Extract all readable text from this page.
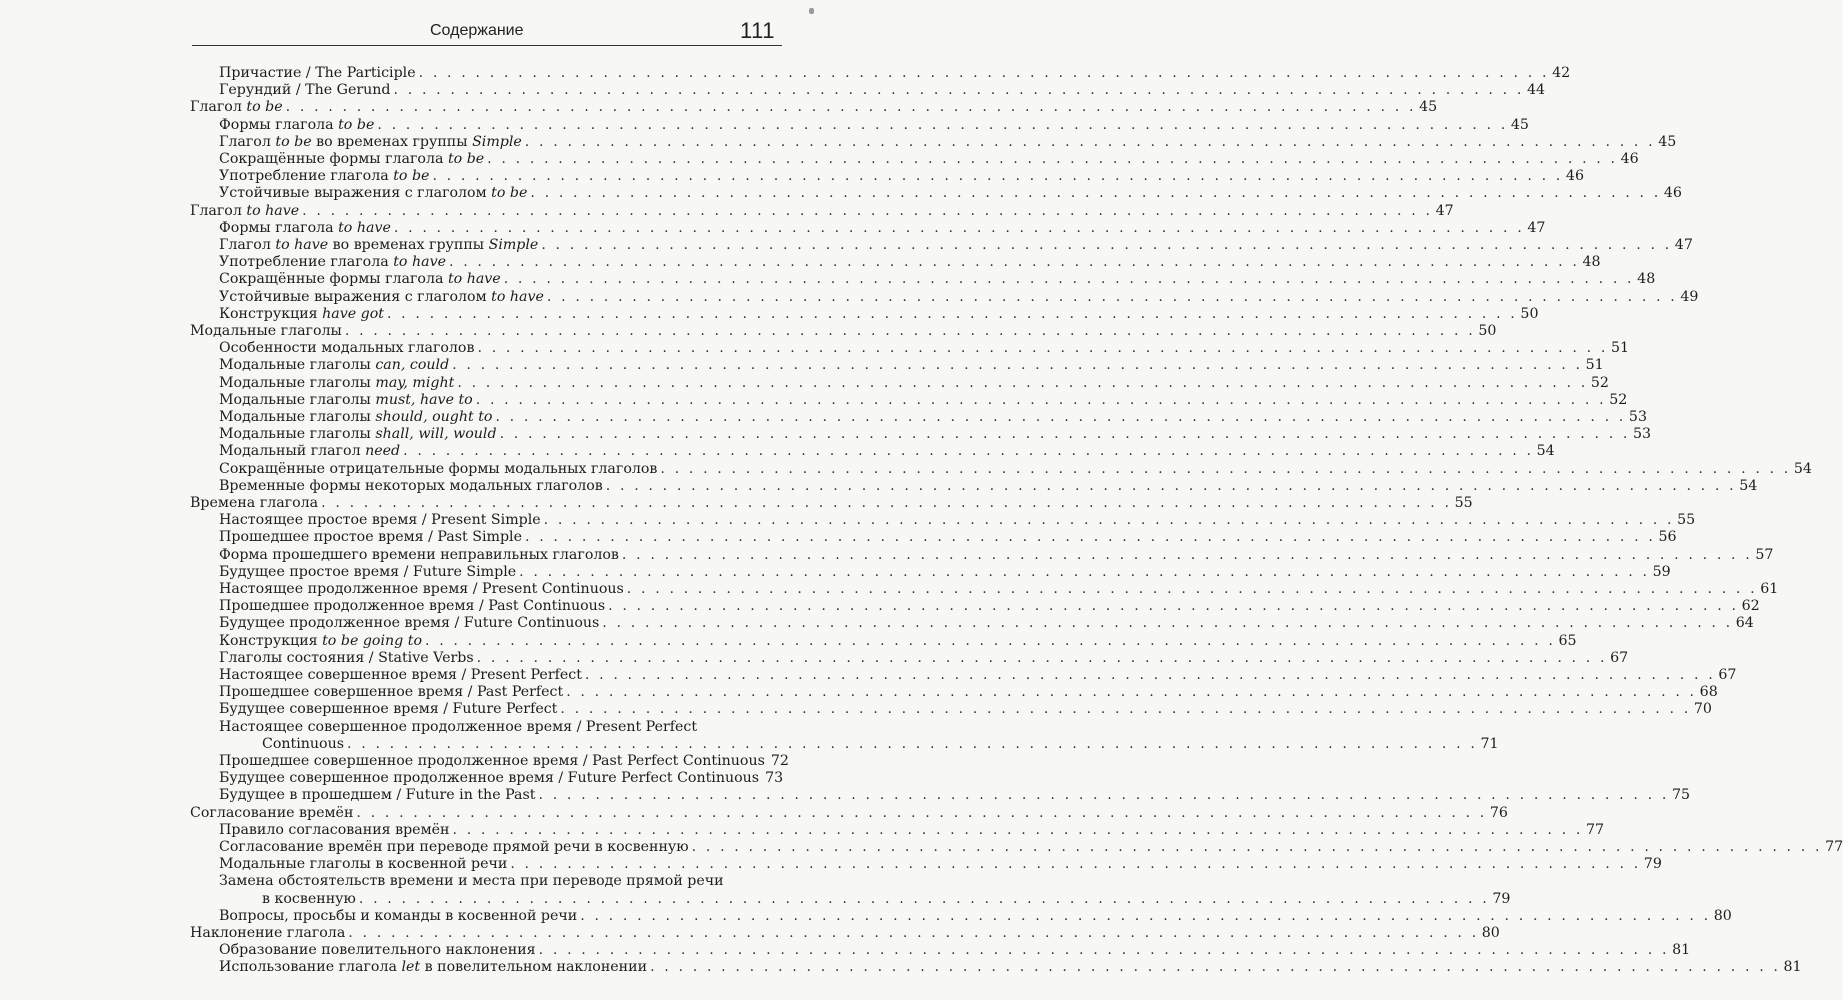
Содержание	111
Причастие / The Participle . . . . . . . . . . . . . . . . . . . . . . . . . . . . . . . . . . . . . . . . . . . . . . . . . . . . . . . . . . . . . . . . . . . . . . . . . . . . . . . . 42
Герундий / The Gerund . . . . . . . . . . . . . . . . . . . . . . . . . . . . . . . . . . . . . . . . . . . . . . . . . . . . . . . . . . . . . . . . . . . . . . . . . . . . . . . . 44
Глагол to be . . . . . . . . . . . . . . . . . . . . . . . . . . . . . . . . . . . . . . . . . . . . . . . . . . . . . . . . . . . . . . . . . . . . . . . . . . . . . . . . 45
Формы глагола to be . . . . . . . . . . . . . . . . . . . . . . . . . . . . . . . . . . . . . . . . . . . . . . . . . . . . . . . . . . . . . . . . . . . . . . . . . . . . . . . . 45
Глагол to be во временах группы Simple . . . . . . . . . . . . . . . . . . . . . . . . . . . . . . . . . . . . . . . . . . . . . . . . . . . . . . . . . . . . . . . . . . . . . . . . . . . . . . . . 45
Сокращённые формы глагола to be . . . . . . . . . . . . . . . . . . . . . . . . . . . . . . . . . . . . . . . . . . . . . . . . . . . . . . . . . . . . . . . . . . . . . . . . . . . . . . . . 46
Употребление глагола to be . . . . . . . . . . . . . . . . . . . . . . . . . . . . . . . . . . . . . . . . . . . . . . . . . . . . . . . . . . . . . . . . . . . . . . . . . . . . . . . . 46
Устойчивые выражения с глаголом to be . . . . . . . . . . . . . . . . . . . . . . . . . . . . . . . . . . . . . . . . . . . . . . . . . . . . . . . . . . . . . . . . . . . . . . . . . . . . . . . . 46
Глагол to have . . . . . . . . . . . . . . . . . . . . . . . . . . . . . . . . . . . . . . . . . . . . . . . . . . . . . . . . . . . . . . . . . . . . . . . . . . . . . . . . 47
Формы глагола to have . . . . . . . . . . . . . . . . . . . . . . . . . . . . . . . . . . . . . . . . . . . . . . . . . . . . . . . . . . . . . . . . . . . . . . . . . . . . . . . . 47
Глагол to have во временах группы Simple . . . . . . . . . . . . . . . . . . . . . . . . . . . . . . . . . . . . . . . . . . . . . . . . . . . . . . . . . . . . . . . . . . . . . . . . . . . . . . . . 47
Употребление глагола to have . . . . . . . . . . . . . . . . . . . . . . . . . . . . . . . . . . . . . . . . . . . . . . . . . . . . . . . . . . . . . . . . . . . . . . . . . . . . . . . . 48
Сокращённые формы глагола to have . . . . . . . . . . . . . . . . . . . . . . . . . . . . . . . . . . . . . . . . . . . . . . . . . . . . . . . . . . . . . . . . . . . . . . . . . . . . . . . . 48
Устойчивые выражения с глаголом to have . . . . . . . . . . . . . . . . . . . . . . . . . . . . . . . . . . . . . . . . . . . . . . . . . . . . . . . . . . . . . . . . . . . . . . . . . . . . . . . . 49
Конструкция have got . . . . . . . . . . . . . . . . . . . . . . . . . . . . . . . . . . . . . . . . . . . . . . . . . . . . . . . . . . . . . . . . . . . . . . . . . . . . . . . . 50
Модальные глаголы . . . . . . . . . . . . . . . . . . . . . . . . . . . . . . . . . . . . . . . . . . . . . . . . . . . . . . . . . . . . . . . . . . . . . . . . . . . . . . . . 50
Особенности модальных глаголов . . . . . . . . . . . . . . . . . . . . . . . . . . . . . . . . . . . . . . . . . . . . . . . . . . . . . . . . . . . . . . . . . . . . . . . . . . . . . . . . 51
Модальные глаголы can, could . . . . . . . . . . . . . . . . . . . . . . . . . . . . . . . . . . . . . . . . . . . . . . . . . . . . . . . . . . . . . . . . . . . . . . . . . . . . . . . . 51
Модальные глаголы may, might . . . . . . . . . . . . . . . . . . . . . . . . . . . . . . . . . . . . . . . . . . . . . . . . . . . . . . . . . . . . . . . . . . . . . . . . . . . . . . . . 52
Модальные глаголы must, have to . . . . . . . . . . . . . . . . . . . . . . . . . . . . . . . . . . . . . . . . . . . . . . . . . . . . . . . . . . . . . . . . . . . . . . . . . . . . . . . . 52
Модальные глаголы should, ought to . . . . . . . . . . . . . . . . . . . . . . . . . . . . . . . . . . . . . . . . . . . . . . . . . . . . . . . . . . . . . . . . . . . . . . . . . . . . . . . . 53
Модальные глаголы shall, will, would . . . . . . . . . . . . . . . . . . . . . . . . . . . . . . . . . . . . . . . . . . . . . . . . . . . . . . . . . . . . . . . . . . . . . . . . . . . . . . . . 53
Модальный глагол need . . . . . . . . . . . . . . . . . . . . . . . . . . . . . . . . . . . . . . . . . . . . . . . . . . . . . . . . . . . . . . . . . . . . . . . . . . . . . . . . 54
Сокращённые отрицательные формы модальных глаголов . . . . . . . . . . . . . . . . . . . . . . . . . . . . . . . . . . . . . . . . . . . . . . . . . . . . . . . . . . . . . . . . . . . . . . . . . . . . . . . . 54
Временные формы некоторых модальных глаголов . . . . . . . . . . . . . . . . . . . . . . . . . . . . . . . . . . . . . . . . . . . . . . . . . . . . . . . . . . . . . . . . . . . . . . . . . . . . . . . . 54
Времена глагола . . . . . . . . . . . . . . . . . . . . . . . . . . . . . . . . . . . . . . . . . . . . . . . . . . . . . . . . . . . . . . . . . . . . . . . . . . . . . . . . 55
Настоящее простое время / Present Simple . . . . . . . . . . . . . . . . . . . . . . . . . . . . . . . . . . . . . . . . . . . . . . . . . . . . . . . . . . . . . . . . . . . . . . . . . . . . . . . . 55
Прошедшее простое время / Past Simple . . . . . . . . . . . . . . . . . . . . . . . . . . . . . . . . . . . . . . . . . . . . . . . . . . . . . . . . . . . . . . . . . . . . . . . . . . . . . . . . 56
Форма прошедшего времени неправильных глаголов . . . . . . . . . . . . . . . . . . . . . . . . . . . . . . . . . . . . . . . . . . . . . . . . . . . . . . . . . . . . . . . . . . . . . . . . . . . . . . . . 57
Будущее простое время / Future Simple . . . . . . . . . . . . . . . . . . . . . . . . . . . . . . . . . . . . . . . . . . . . . . . . . . . . . . . . . . . . . . . . . . . . . . . . . . . . . . . . 59
Настоящее продолженное время / Present Continuous . . . . . . . . . . . . . . . . . . . . . . . . . . . . . . . . . . . . . . . . . . . . . . . . . . . . . . . . . . . . . . . . . . . . . . . . . . . . . . . . 61
Прошедшее продолженное время / Past Continuous . . . . . . . . . . . . . . . . . . . . . . . . . . . . . . . . . . . . . . . . . . . . . . . . . . . . . . . . . . . . . . . . . . . . . . . . . . . . . . . . 62
Будущее продолженное время / Future Continuous . . . . . . . . . . . . . . . . . . . . . . . . . . . . . . . . . . . . . . . . . . . . . . . . . . . . . . . . . . . . . . . . . . . . . . . . . . . . . . . . 64
Конструкция to be going to . . . . . . . . . . . . . . . . . . . . . . . . . . . . . . . . . . . . . . . . . . . . . . . . . . . . . . . . . . . . . . . . . . . . . . . . . . . . . . . . 65
Глаголы состояния / Stative Verbs . . . . . . . . . . . . . . . . . . . . . . . . . . . . . . . . . . . . . . . . . . . . . . . . . . . . . . . . . . . . . . . . . . . . . . . . . . . . . . . . 67
Настоящее совершенное время / Present Perfect . . . . . . . . . . . . . . . . . . . . . . . . . . . . . . . . . . . . . . . . . . . . . . . . . . . . . . . . . . . . . . . . . . . . . . . . . . . . . . . . 67
Прошедшее совершенное время / Past Perfect . . . . . . . . . . . . . . . . . . . . . . . . . . . . . . . . . . . . . . . . . . . . . . . . . . . . . . . . . . . . . . . . . . . . . . . . . . . . . . . . 68
Будущее совершенное время / Future Perfect . . . . . . . . . . . . . . . . . . . . . . . . . . . . . . . . . . . . . . . . . . . . . . . . . . . . . . . . . . . . . . . . . . . . . . . . . . . . . . . . 70
Настоящее совершенное продолженное время / Present Perfect
Continuous . . . . . . . . . . . . . . . . . . . . . . . . . . . . . . . . . . . . . . . . . . . . . . . . . . . . . . . . . . . . . . . . . . . . . . . . . . . . . . . . 71
Прошедшее совершенное продолженное время / Past Perfect Continuous 72
Будущее совершенное продолженное время / Future Perfect Continuous 73
Будущее в прошедшем / Future in the Past . . . . . . . . . . . . . . . . . . . . . . . . . . . . . . . . . . . . . . . . . . . . . . . . . . . . . . . . . . . . . . . . . . . . . . . . . . . . . . . . 75
Согласование времён . . . . . . . . . . . . . . . . . . . . . . . . . . . . . . . . . . . . . . . . . . . . . . . . . . . . . . . . . . . . . . . . . . . . . . . . . . . . . . . . 76
Правило согласования времён . . . . . . . . . . . . . . . . . . . . . . . . . . . . . . . . . . . . . . . . . . . . . . . . . . . . . . . . . . . . . . . . . . . . . . . . . . . . . . . . 77
Согласование времён при переводе прямой речи в косвенную . . . . . . . . . . . . . . . . . . . . . . . . . . . . . . . . . . . . . . . . . . . . . . . . . . . . . . . . . . . . . . . . . . . . . . . . . . . . . . . . 77
Модальные глаголы в косвенной речи . . . . . . . . . . . . . . . . . . . . . . . . . . . . . . . . . . . . . . . . . . . . . . . . . . . . . . . . . . . . . . . . . . . . . . . . . . . . . . . . 79
Замена обстоятельств времени и места при переводе прямой речи
в косвенную . . . . . . . . . . . . . . . . . . . . . . . . . . . . . . . . . . . . . . . . . . . . . . . . . . . . . . . . . . . . . . . . . . . . . . . . . . . . . . . . 79
Вопросы, просьбы и команды в косвенной речи . . . . . . . . . . . . . . . . . . . . . . . . . . . . . . . . . . . . . . . . . . . . . . . . . . . . . . . . . . . . . . . . . . . . . . . . . . . . . . . . 80
Наклонение глагола . . . . . . . . . . . . . . . . . . . . . . . . . . . . . . . . . . . . . . . . . . . . . . . . . . . . . . . . . . . . . . . . . . . . . . . . . . . . . . . . 80
Образование повелительного наклонения . . . . . . . . . . . . . . . . . . . . . . . . . . . . . . . . . . . . . . . . . . . . . . . . . . . . . . . . . . . . . . . . . . . . . . . . . . . . . . . . 81
Использование глагола let в повелительном наклонении . . . . . . . . . . . . . . . . . . . . . . . . . . . . . . . . . . . . . . . . . . . . . . . . . . . . . . . . . . . . . . . . . . . . . . . . . . . . . . . . 81
